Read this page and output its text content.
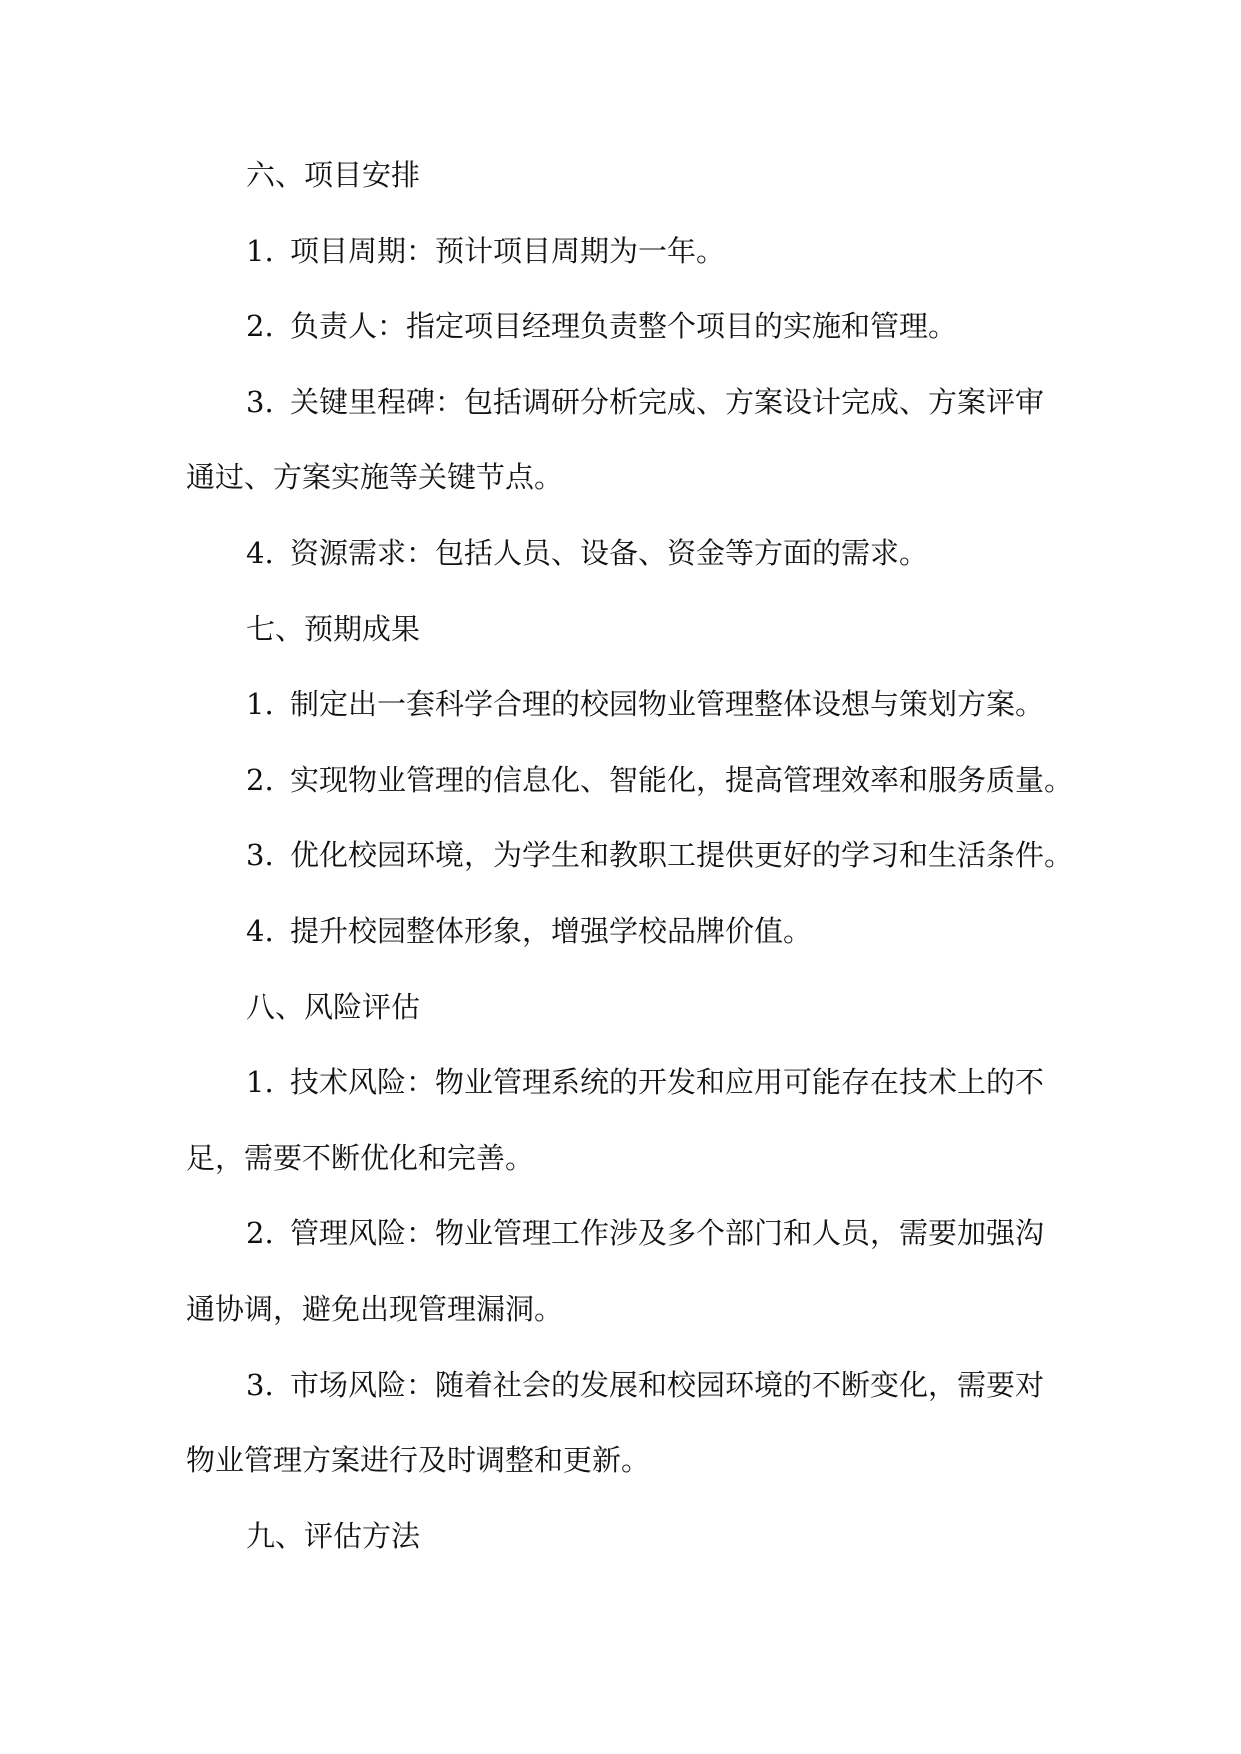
六、项目安排
1. 项目周期：预计项目周期为一年。
2. 负责人：指定项目经理负责整个项目的实施和管理。
3. 关键里程碑：包括调研分析完成、方案设计完成、方案评审
通过、方案实施等关键节点。
4. 资源需求：包括人员、设备、资金等方面的需求。
七、预期成果
1. 制定出一套科学合理的校园物业管理整体设想与策划方案。
2. 实现物业管理的信息化、智能化，提高管理效率和服务质量。
3. 优化校园环境，为学生和教职工提供更好的学习和生活条件。
4. 提升校园整体形象，增强学校品牌价值。
八、风险评估
1. 技术风险：物业管理系统的开发和应用可能存在技术上的不
足，需要不断优化和完善。
2. 管理风险：物业管理工作涉及多个部门和人员，需要加强沟
通协调，避免出现管理漏洞。
3. 市场风险：随着社会的发展和校园环境的不断变化，需要对
物业管理方案进行及时调整和更新。
九、评估方法
